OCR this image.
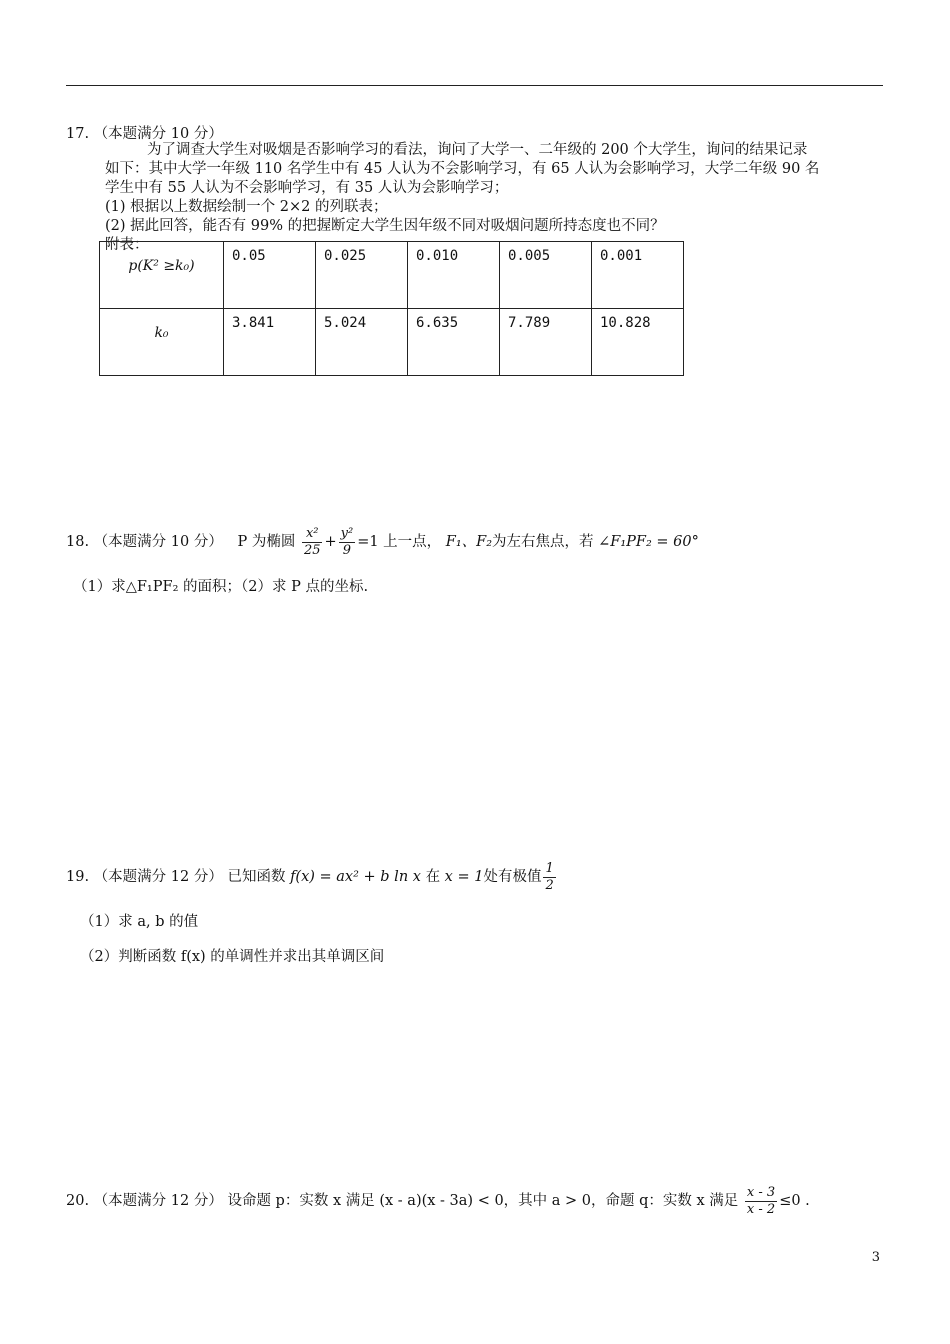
17. （本题满分 10 分）

为了调查大学生对吸烟是否影响学习的看法，询问了大学一、二年级的 200 个大学生，询问的结果记录

如下：其中大学一年级 110 名学生中有 45 人认为不会影响学习，有 65 人认为会影响学习，大学二年级 90 名

学生中有 55 人认为不会影响学习，有 35 人认为会影响学习；

(1) 根据以上数据绘制一个 2×2 的列联表；

(2) 据此回答，能否有 99% 的把握断定大学生因年级不同对吸烟问题所持态度也不同？

附表：

p(K² ≥k₀)	0.05	0.025	0.010	0.005	0.001
k₀	3.841	5.024	6.635	7.789	10.828
18. （本题满分 10 分） P 为椭圆 $\frac{\text{x²}}{25} + \frac{\text{y²}}{9} =1$ 上一点， F₁、F₂为左右焦点，若 ∠F₁PF₂ = 60°
（1）求△F₁PF₂ 的面积；（2）求 P 点的坐标.
19. （本题满分 12 分） 已知函数 f(x) = ax² + b ln x 在 x = 1处有极值 $\frac{1}{2}$
（1）求 a, b 的值
（2）判断函数 f(x) 的单调性并求出其单调区间
20. （本题满分 12 分） 设命题 p：实数 x 满足 (x - a)(x - 3a) < 0，其中 a > 0，命题 q：实数 x 满足 $\frac{x - 3}{x - 2} \le 0$ .
3
